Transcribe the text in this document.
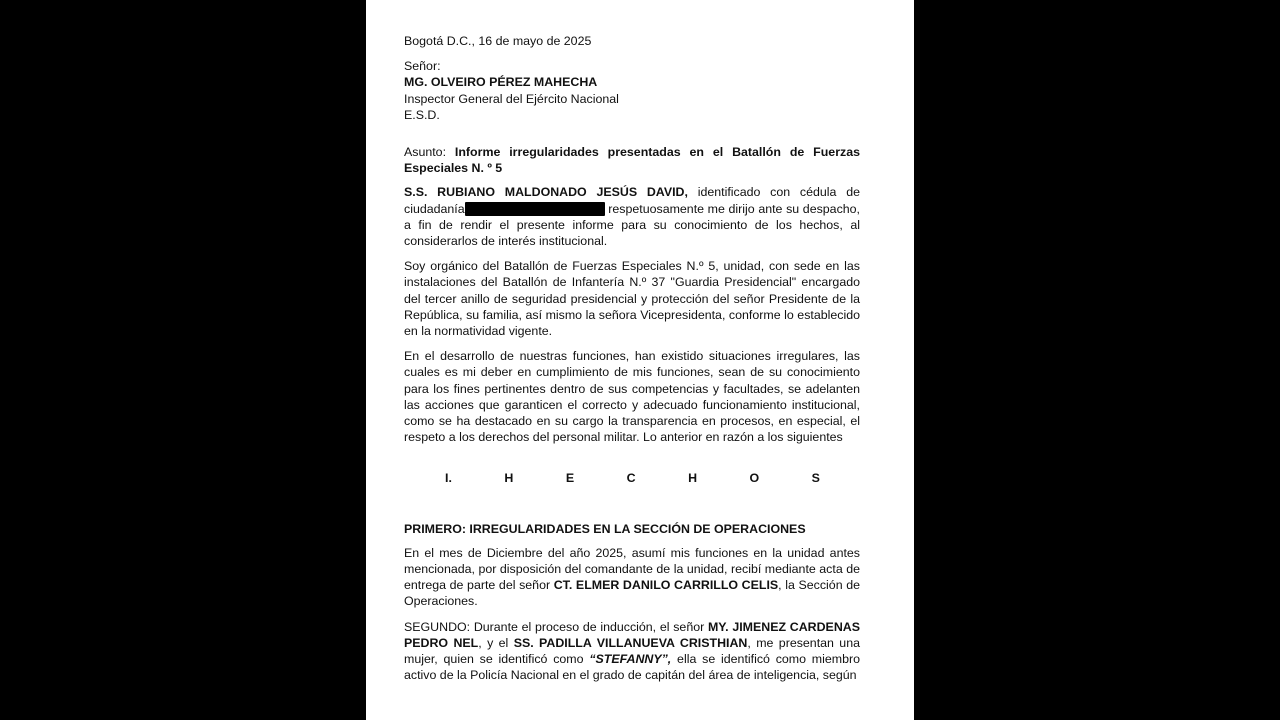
Bogotá D.C., 16 de mayo de 2025

Señor:

MG. OLVEIRO PÉREZ MAHECHA

Inspector General del Ejército Nacional

E.S.D.

Asunto: Informe irregularidades presentadas en el Batallón de Fuerzas Especiales N. º 5

S.S. RUBIANO MALDONADO JESÚS DAVID, identificado con cédula de ciudadanía	respetuosamente me dirijo ante su despacho, a fin de rendir el presente informe para su conocimiento de los hechos, al considerarlos de interés institucional.

Soy orgánico del Batallón de Fuerzas Especiales N.º 5, unidad, con sede en las instalaciones del Batallón de Infantería N.º 37 "Guardia Presidencial" encargado del tercer anillo de seguridad presidencial y protección del señor Presidente de la República, su familia, así mismo la señora Vicepresidenta, conforme lo establecido en la normatividad vigente.

En el desarrollo de nuestras funciones, han existido situaciones irregulares, las cuales es mi deber en cumplimiento de mis funciones, sean de su conocimiento para los fines pertinentes dentro de sus competencias y facultades, se adelanten las acciones que garanticen el correcto y adecuado funcionamiento institucional, como se ha destacado en su cargo la transparencia en procesos, en especial, el respeto a los derechos del personal militar. Lo anterior en razón a los siguientes

I.	H	E	C	H	O	S

PRIMERO: IRREGULARIDADES EN LA SECCIÓN DE OPERACIONES

En el mes de Diciembre del año 2025, asumí mis funciones en la unidad antes mencionada, por disposición del comandante de la unidad, recibí mediante acta de entrega de parte del señor CT. ELMER DANILO CARRILLO CELIS, la Sección de Operaciones.

SEGUNDO: Durante el proceso de inducción, el señor MY. JIMENEZ CARDENAS PEDRO NEL, y el SS. PADILLA VILLANUEVA CRISTHIAN, me presentan una mujer, quien se identificó como “STEFANNY”, ella se identificó como miembro activo de la Policía Nacional en el grado de capitán del área de inteligencia, según
